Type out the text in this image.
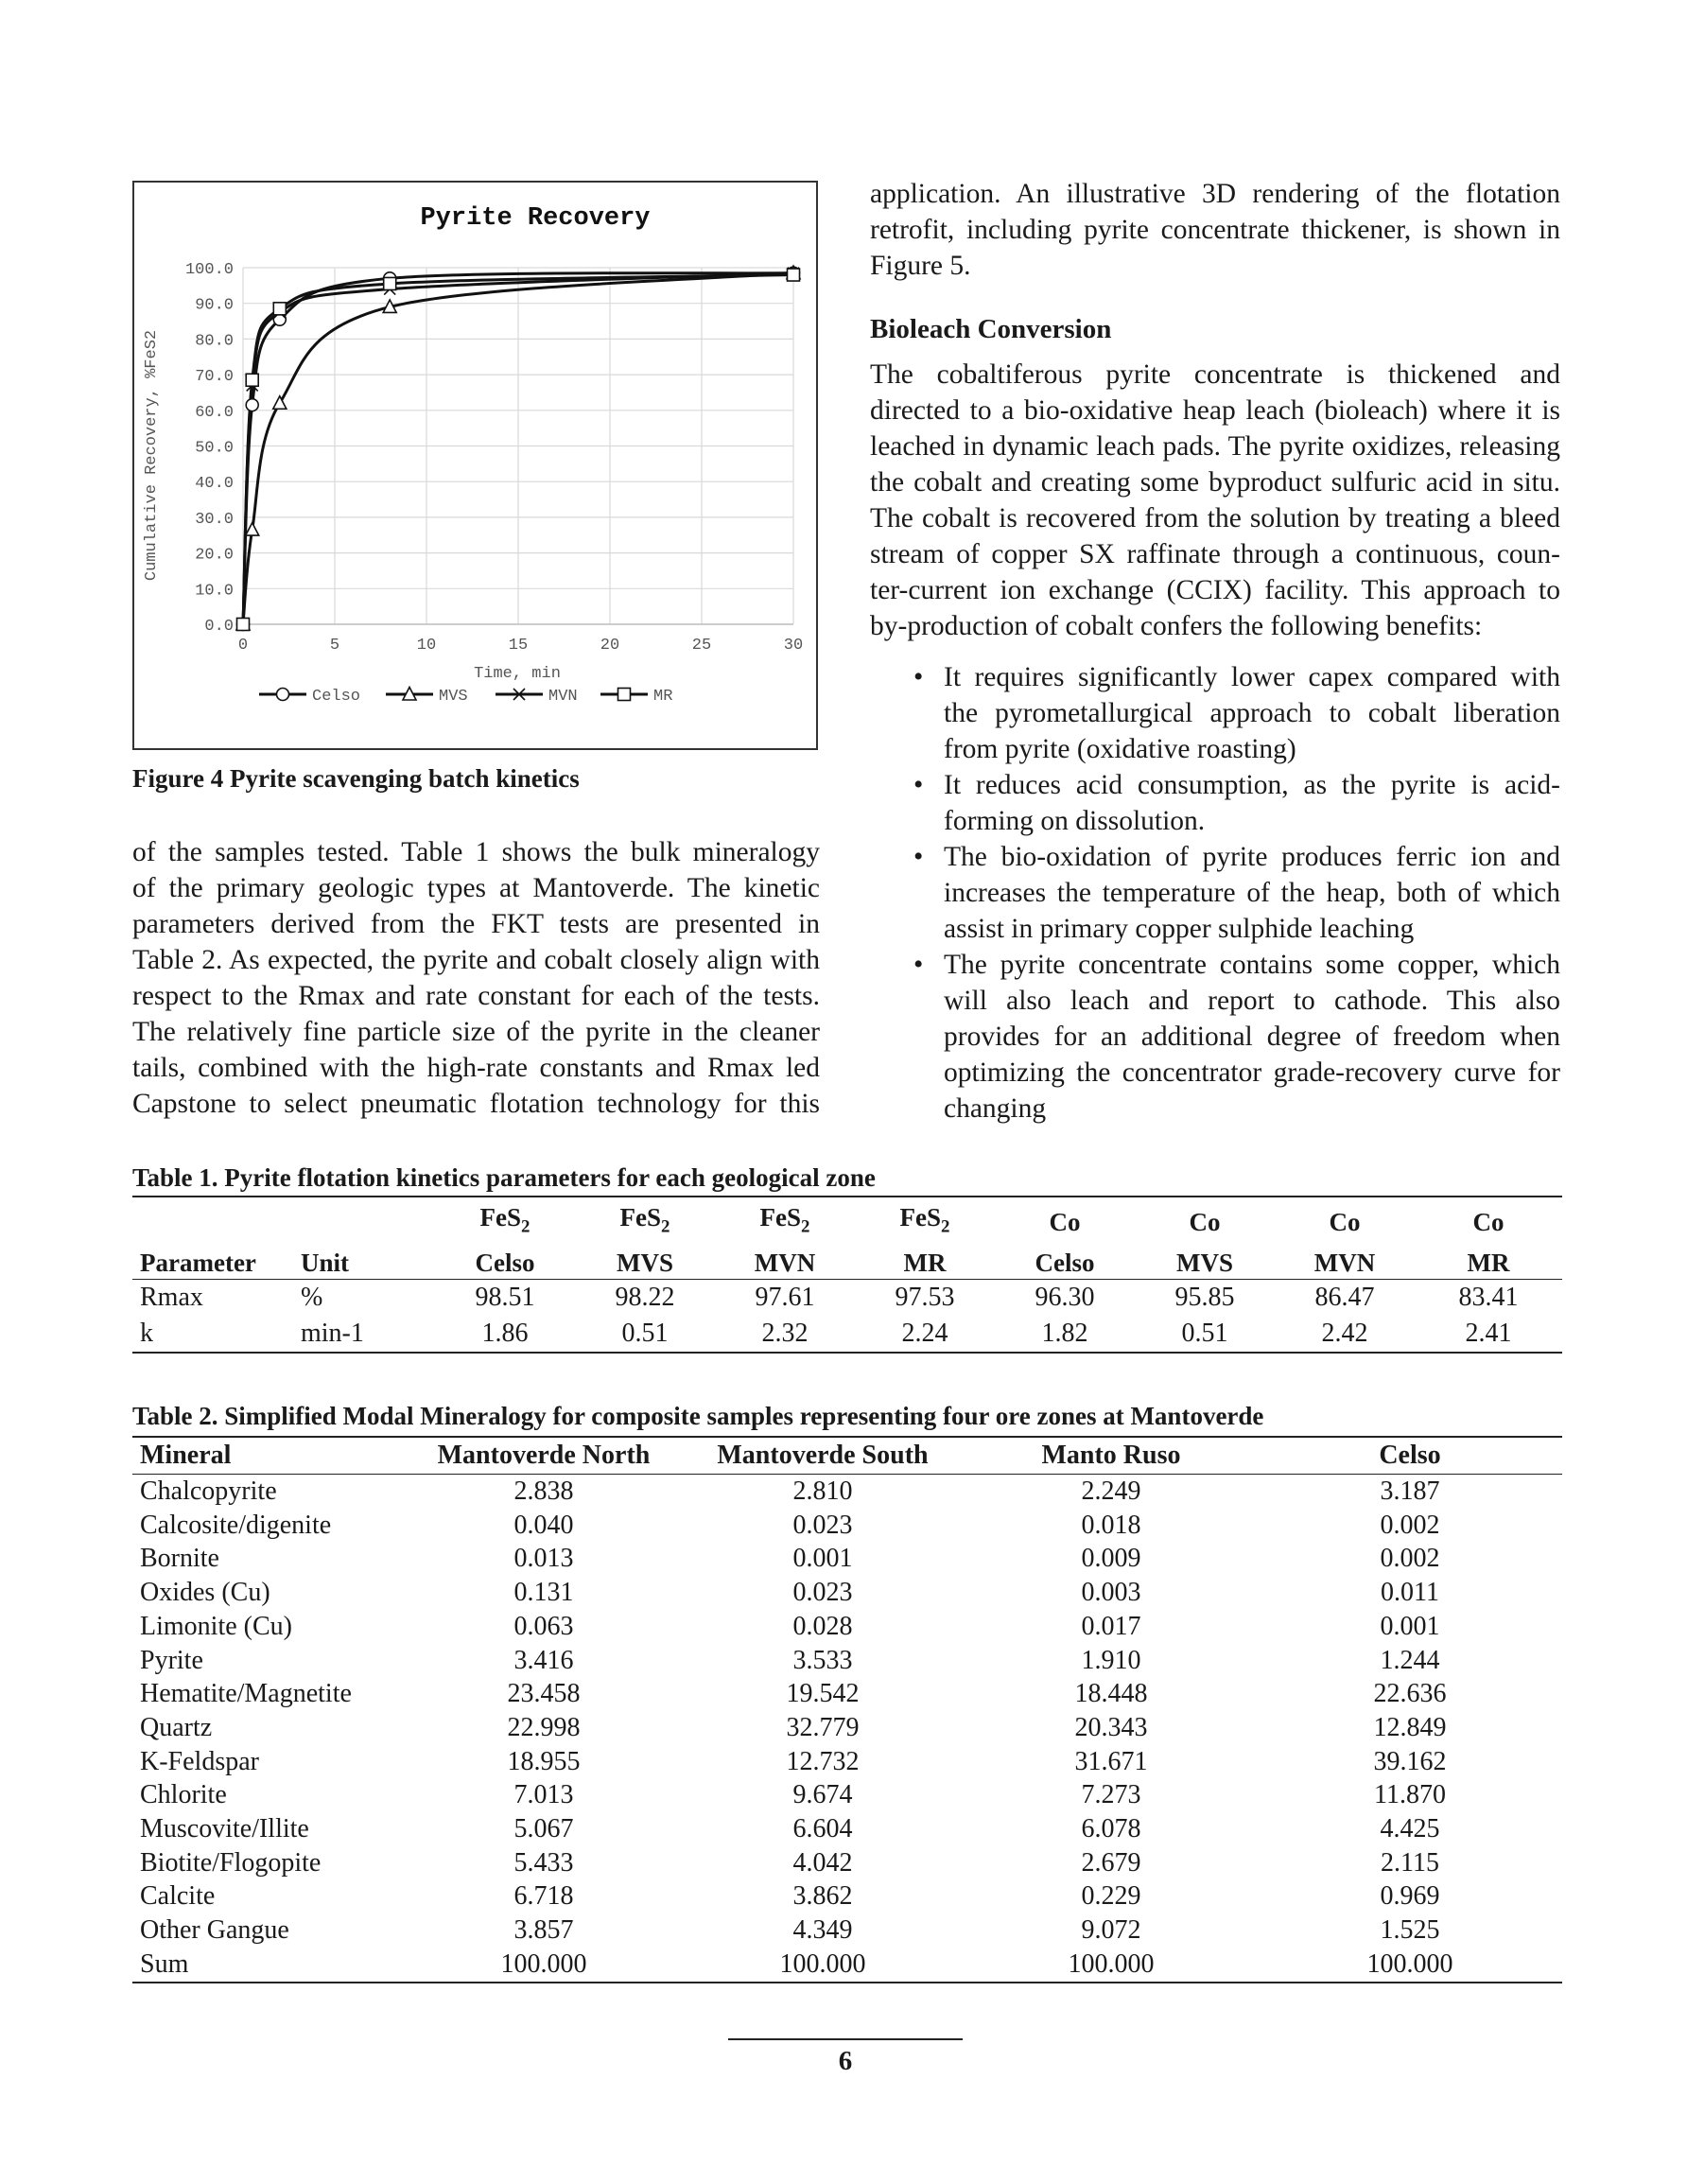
Pyrite Recovery
0.0
10.0
20.0
30.0
40.0
50.0
60.0
70.0
80.0
90.0
100.0
0	5	10	15	20	25	30
Time, min
Cumulative Recovery, %FeS2
Celso	MVS	MVN	MR
Figure 4 Pyrite scavenging batch kinetics
of the samples tested. Table 1 shows the bulk mineralogy
of the primary geologic types at Mantoverde. The kinetic
parameters derived from the FKT tests are presented in
Table 2. As expected, the pyrite and cobalt closely align with
respect to the Rmax and rate constant for each of the tests.
The relatively fine particle size of the pyrite in the cleaner
tails, combined with the high-rate constants and Rmax led
Capstone to select pneumatic flotation technology for this
application. An illustrative 3D rendering of the flotation
retrofit, including pyrite concentrate thickener, is shown in
Figure 5.
Bioleach Conversion
The cobaltiferous pyrite concentrate is thickened and
directed to a bio-oxidative heap leach (bioleach) where it is
leached in dynamic leach pads. The pyrite oxidizes, releasing
the cobalt and creating some byproduct sulfuric acid in situ.
The cobalt is recovered from the solution by treating a bleed
stream of copper SX raffinate through a continuous, coun-
ter-current ion exchange (CCIX) facility. This approach to
by-production of cobalt confers the following benefits:
• It requires significantly lower capex compared with the pyrometallurgical approach to cobalt liberation from pyrite (oxidative roasting)
• It reduces acid consumption, as the pyrite is acid-forming on dissolution.
• The bio-oxidation of pyrite produces ferric ion and increases the temperature of the heap, both of which assist in primary copper sulphide leaching
• The pyrite concentrate contains some copper, which will also leach and report to cathode. This also provides for an additional degree of freedom when optimizing the concentrator grade-recovery curve for changing
Table 1. Pyrite flotation kinetics parameters for each geological zone
		FeS$_2$	FeS$_2$	FeS$_2$	FeS$_2$	Co	Co	Co	Co
Parameter	Unit	Celso	MVS	MVN	MR	Celso	MVS	MVN	MR
Rmax	%	98.51	98.22	97.61	97.53	96.30	95.85	86.47	83.41
k	min-1	1.86	0.51	2.32	2.24	1.82	0.51	2.42	2.41
Table 2. Simplified Modal Mineralogy for composite samples representing four ore zones at Mantoverde
Mineral	Mantoverde North	Mantoverde South	Manto Ruso	Celso
Chalcopyrite	2.838	2.810	2.249	3.187
Calcosite/digenite	0.040	0.023	0.018	0.002
Bornite	0.013	0.001	0.009	0.002
Oxides (Cu)	0.131	0.023	0.003	0.011
Limonite (Cu)	0.063	0.028	0.017	0.001
Pyrite	3.416	3.533	1.910	1.244
Hematite/Magnetite	23.458	19.542	18.448	22.636
Quartz	22.998	32.779	20.343	12.849
K-Feldspar	18.955	12.732	31.671	39.162
Chlorite	7.013	9.674	7.273	11.870
Muscovite/Illite	5.067	6.604	6.078	4.425
Biotite/Flogopite	5.433	4.042	2.679	2.115
Calcite	6.718	3.862	0.229	0.969
Other Gangue	3.857	4.349	9.072	1.525
Sum	100.000	100.000	100.000	100.000
6
